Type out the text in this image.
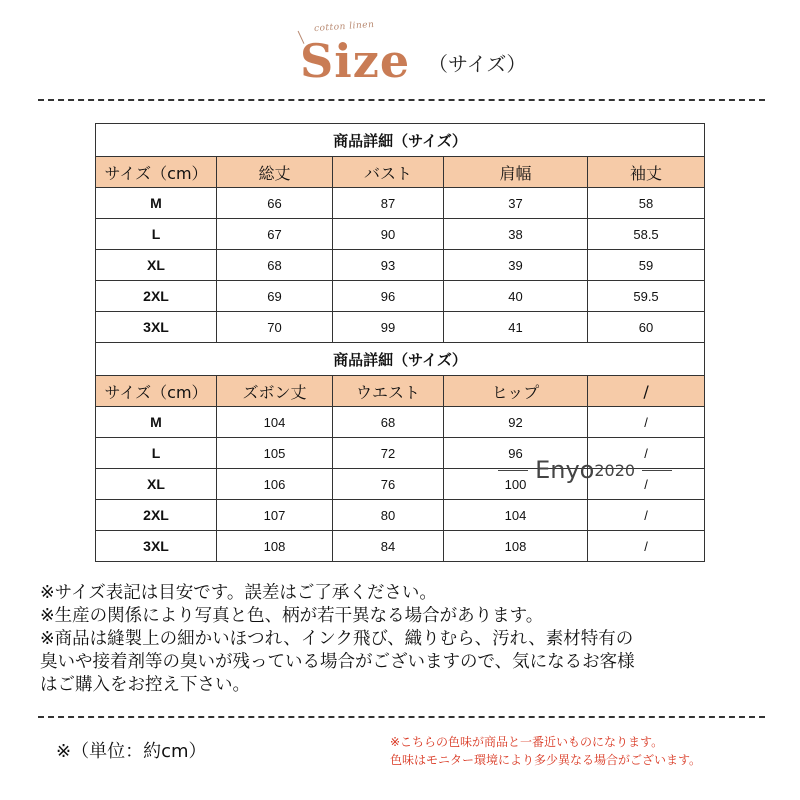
cotton linen
Size （サイズ）
商品詳細（サイズ）				
サイズ（cm）	総丈	バスト	肩幅	袖丈
M	66	87	37	58
L	67	90	38	58.5
XL	68	93	39	59
2XL	69	96	40	59.5
3XL	70	99	41	60
商品詳細（サイズ）				
サイズ（cm）	ズボン丈	ウエスト	ヒップ	/
M	104	68	92	/
L	105	72	96	/
XL	106	76	100	/
2XL	107	80	104	/
3XL	108	84	108	/
Enyo2020

※サイズ表記は目安です。誤差はご了承ください。

※生産の関係により写真と色、柄が若干異なる場合があります。

※商品は縫製上の細かいほつれ、インク飛び、織りむら、汚れ、素材特有の

臭いや接着剤等の臭いが残っている場合がございますので、気になるお客様

はご購入をお控え下さい。

※（単位：約cm）	※こちらの色味が商品と一番近いものになります。
色味はモニター環境により多少異なる場合がございます。
